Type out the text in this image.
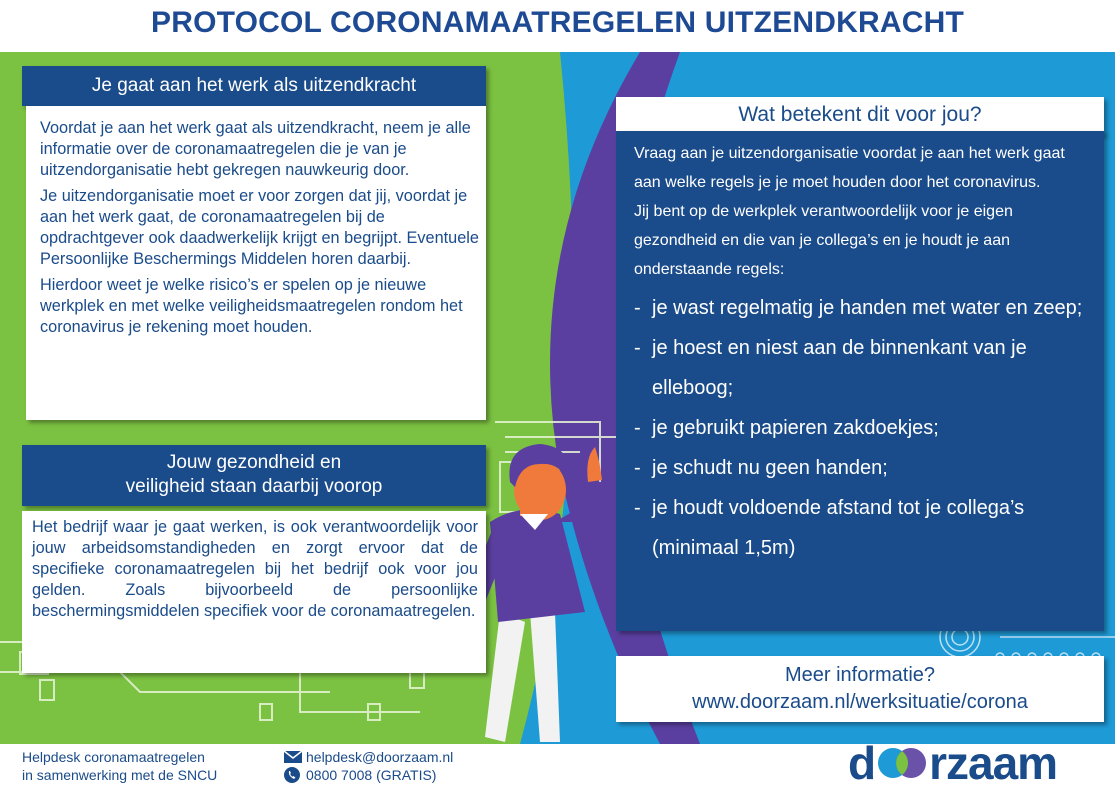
PROTOCOL CORONAMAATREGELEN UITZENDKRACHT
Je gaat aan het werk als uitzendkracht

Voordat je aan het werk gaat als uitzendkracht, neem je alle informatie over de coronamaatregelen die je van je uitzendorganisatie hebt gekregen nauwkeurig door.

Je uitzendorganisatie moet er voor zorgen dat jij, voordat je aan het werk gaat, de coronamaatregelen bij de opdrachtgever ook daadwerkelijk krijgt en begrijpt. Eventuele Persoonlijke Beschermings Middelen horen daarbij.

Hierdoor weet je welke risico’s er spelen op je nieuwe werkplek en met welke veiligheidsmaatregelen rondom het coronavirus je rekening moet houden.

Jouw gezondheid en
veiligheid staan daarbij voorop

Het bedrijf waar je gaat werken, is ook verantwoordelijk voor jouw arbeidsomstandigheden en zorgt ervoor dat de specifieke coronamaatregelen bij het bedrijf ook voor jou gelden. Zoals bijvoorbeeld de persoonlijke beschermingsmiddelen specifiek voor de coronamaatregelen.

Wat betekent dit voor jou?

Vraag aan je uitzendorganisatie voordat je aan het werk gaat aan welke regels je je moet houden door het coronavirus.

Jij bent op de werkplek verantwoordelijk voor je eigen gezondheid en die van je collega’s en je houdt je aan onderstaande regels:

- je wast regelmatig je handen met water en zeep;
- je hoest en niest aan de binnenkant van je elleboog;
- je gebruikt papieren zakdoekjes;
- je schudt nu geen handen;
- je houdt voldoende afstand tot je collega’s (minimaal 1,5m)
Meer informatie?
www.doorzaam.nl/werksituatie/corona
Helpdesk coronamaatregelen
in samenwerking met de SNCU
helpdesk@doorzaam.nl
0800 7008 (GRATIS)	d rzaam
